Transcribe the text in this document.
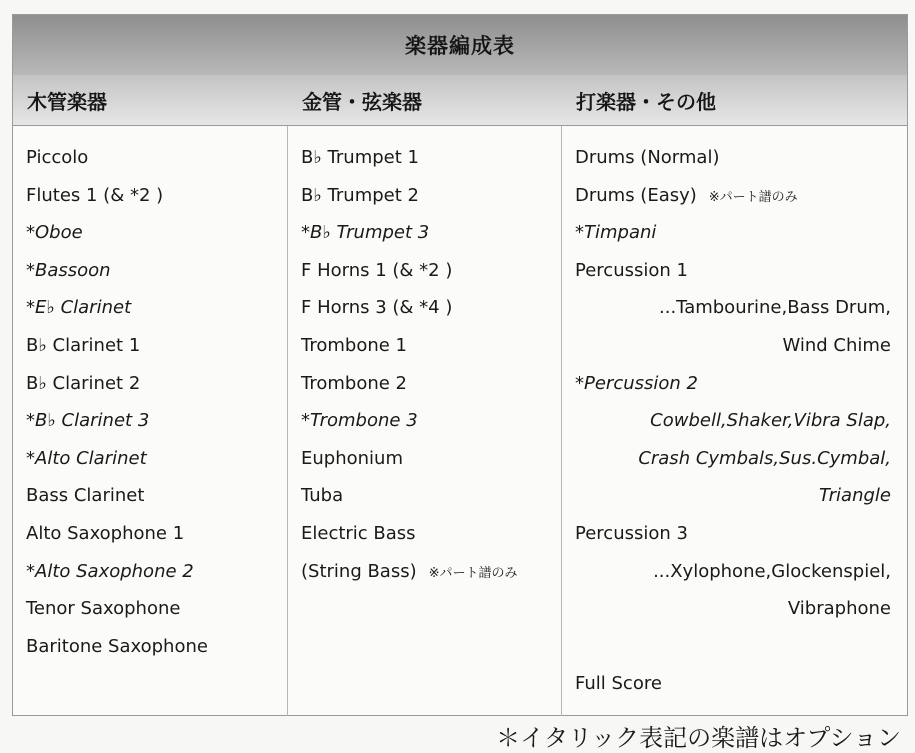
楽器編成表
木管楽器	金管・弦楽器	打楽器・その他
Piccolo
Flutes 1 (& *2 )
*Oboe
*Bassoon
*E♭ Clarinet
B♭ Clarinet 1
B♭ Clarinet 2
*B♭ Clarinet 3
*Alto Clarinet
Bass Clarinet
Alto Saxophone 1
*Alto Saxophone 2
Tenor Saxophone
Baritone Saxophone
B♭ Trumpet 1
B♭ Trumpet 2
*B♭ Trumpet 3
F Horns 1 (& *2 )
F Horns 3 (& *4 )
Trombone 1
Trombone 2
*Trombone 3
Euphonium
Tuba
Electric Bass
(String Bass) ※パート譜のみ
Drums (Normal)
Drums (Easy) ※パート譜のみ
*Timpani
Percussion 1
...Tambourine,Bass Drum,
Wind Chime
*Percussion 2
Cowbell,Shaker,Vibra Slap,
Crash Cymbals,Sus.Cymbal,
Triangle
Percussion 3
...Xylophone,Glockenspiel,
Vibraphone
Full Score
＊イタリック表記の楽譜はオプション
